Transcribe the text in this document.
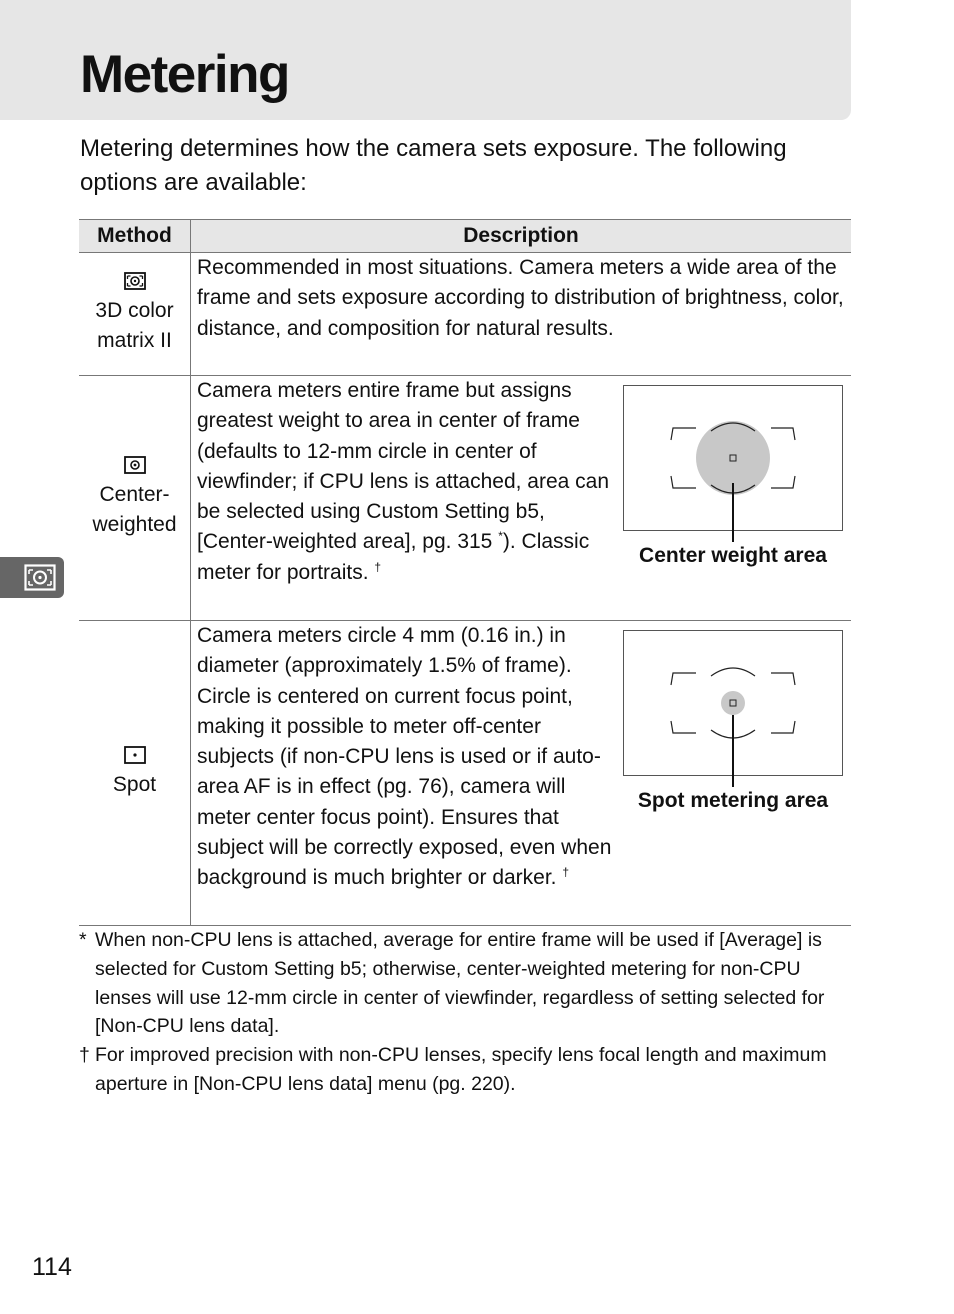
Metering

Metering determines how the camera sets exposure. The following options are available:

Method	Description
3D color
matrix II
Recommended in most situations. Camera meters a wide area of the frame and sets exposure according to distribution of brightness, color, distance, and composition for natural results.
Center-
weighted
Camera meters entire frame but assigns greatest weight to area in center of frame (defaults to 12-mm circle in center of viewfinder; if CPU lens is attached, area can be selected using Custom Setting b5, [Center-weighted area], pg. 315 *). Classic meter for portraits. †	Center weight area
Spot
Camera meters circle 4 mm (0.16 in.) in diameter (approximately 1.5% of frame). Circle is centered on current focus point, making it possible to meter off-center subjects (if non-CPU lens is used or if auto-area AF is in effect (pg. 76), camera will meter center focus point). Ensures that subject will be correctly exposed, even when background is much brighter or darker. †
Spot metering area
* When non-CPU lens is attached, average for entire frame will be used if [Average] is selected for Custom Setting b5; otherwise, center-weighted metering for non-CPU lenses will use 12-mm circle in center of viewfinder, regardless of setting selected for [Non-CPU lens data].
† For improved precision with non-CPU lenses, specify lens focal length and maximum aperture in [Non-CPU lens data] menu (pg. 220).
114
